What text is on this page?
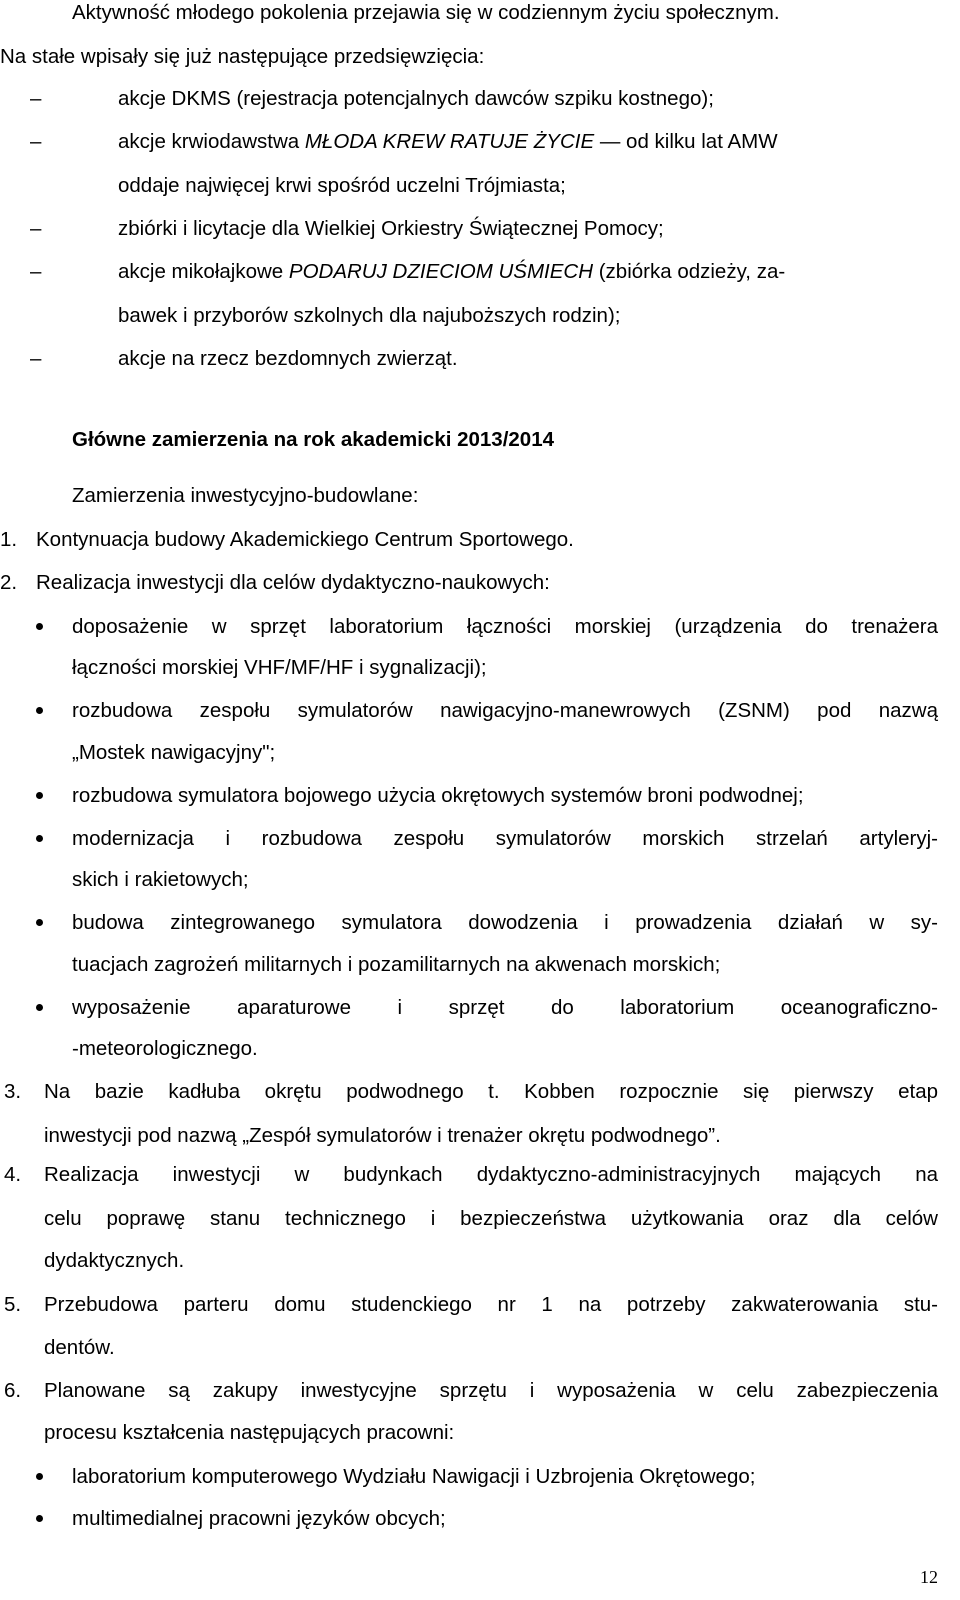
Aktywność młodego pokolenia przejawia się w codziennym życiu społecznym.
Na stałe wpisały się już następujące przedsięwzięcia:
–	akcje DKMS (rejestracja potencjalnych dawców szpiku kostnego);
–	akcje krwiodawstwa MŁODA KREW RATUJE ŻYCIE — od kilku lat AMW
oddaje najwięcej krwi spośród uczelni Trójmiasta;
–	zbiórki i licytacje dla Wielkiej Orkiestry Świątecznej Pomocy;
–	akcje mikołajkowe PODARUJ DZIECIOM UŚMIECH (zbiórka odzieży, za-
bawek i przyborów szkolnych dla najuboższych rodzin);
–	akcje na rzecz bezdomnych zwierząt.
Główne zamierzenia na rok akademicki 2013/2014
Zamierzenia inwestycyjno-budowlane:
1. Kontynuacja budowy Akademickiego Centrum Sportowego.
2. Realizacja inwestycji dla celów dydaktyczno-naukowych:
doposażenie w sprzęt laboratorium łączności morskiej (urządzenia do trenażera
łączności morskiej VHF/MF/HF i sygnalizacji);
rozbudowa zespołu symulatorów nawigacyjno-manewrowych (ZSNM) pod nazwą
„Mostek nawigacyjny";
rozbudowa symulatora bojowego użycia okrętowych systemów broni podwodnej;
modernizacja i rozbudowa zespołu symulatorów morskich strzelań artyleryj-
skich i rakietowych;
budowa zintegrowanego symulatora dowodzenia i prowadzenia działań w sy-
tuacjach zagrożeń militarnych i pozamilitarnych na akwenach morskich;
wyposażenie aparaturowe i sprzęt do laboratorium oceanograficzno-
-meteorologicznego.
3. Na bazie kadłuba okrętu podwodnego t. Kobben rozpocznie się pierwszy etap
inwestycji pod nazwą „Zespół symulatorów i trenażer okrętu podwodnego”.
4. Realizacja inwestycji w budynkach dydaktyczno-administracyjnych mających na
celu poprawę stanu technicznego i bezpieczeństwa użytkowania oraz dla celów
dydaktycznych.
5. Przebudowa parteru domu studenckiego nr 1 na potrzeby zakwaterowania stu-
dentów.
6. Planowane są zakupy inwestycyjne sprzętu i wyposażenia w celu zabezpieczenia
procesu kształcenia następujących pracowni:
laboratorium komputerowego Wydziału Nawigacji i Uzbrojenia Okrętowego;
multimedialnej pracowni języków obcych;
12
